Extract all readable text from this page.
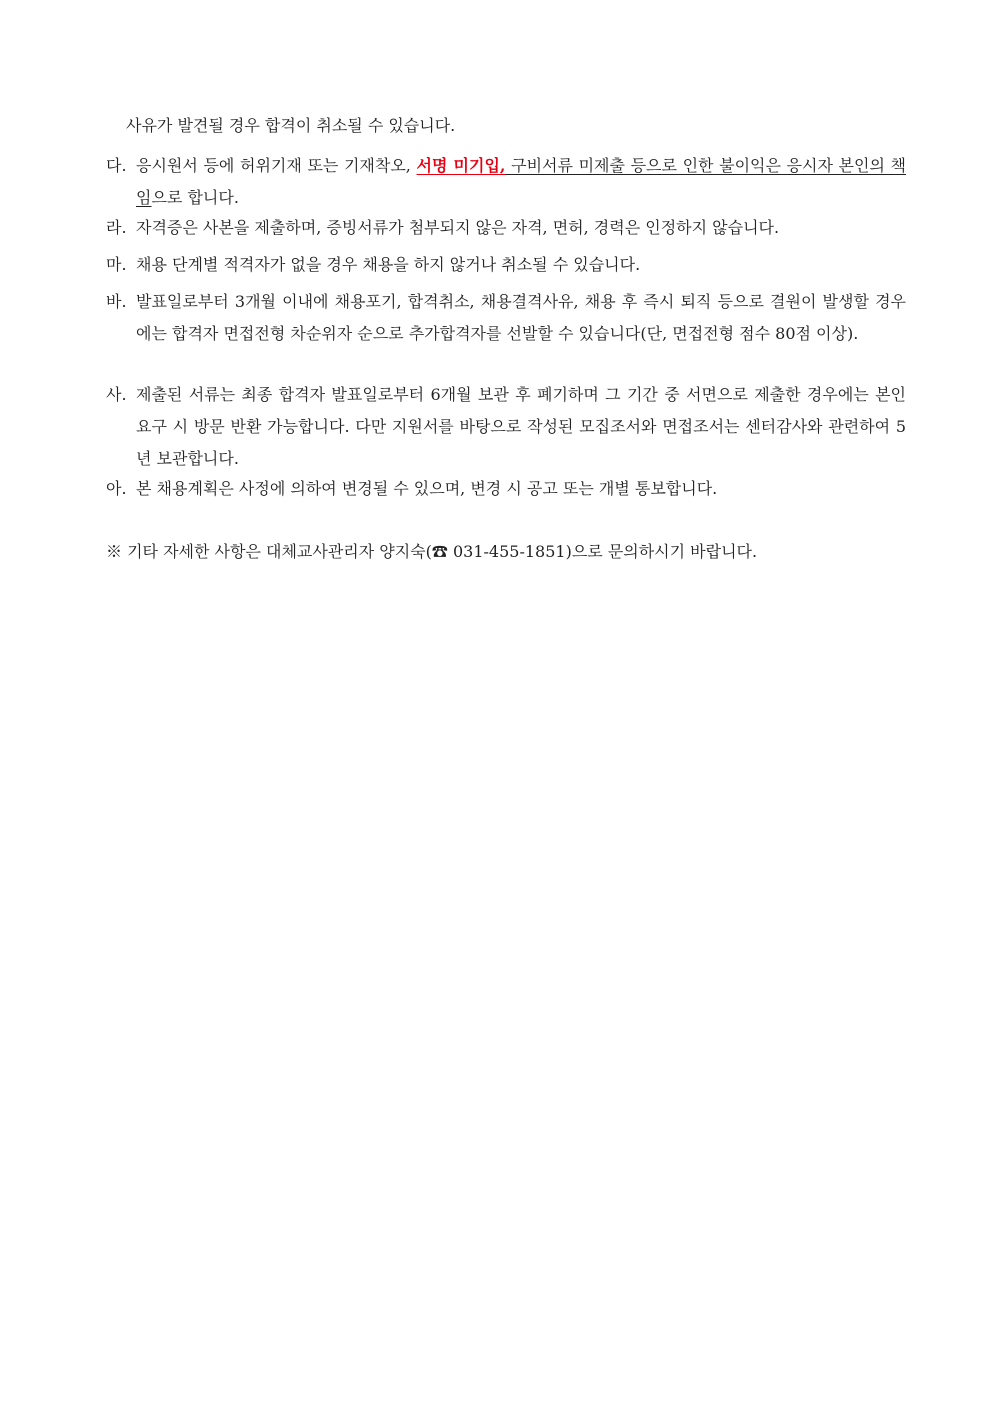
사유가 발견될 경우 합격이 취소될 수 있습니다.
다. 응시원서 등에 허위기재 또는 기재착오, 서명 미기입, 구비서류 미제출 등으로 인한 불이익은 응시자 본인의 책임으로 합니다.
라. 자격증은 사본을 제출하며, 증빙서류가 첨부되지 않은 자격, 면허, 경력은 인정하지 않습니다.
마. 채용 단계별 적격자가 없을 경우 채용을 하지 않거나 취소될 수 있습니다.
바. 발표일로부터 3개월 이내에 채용포기, 합격취소, 채용결격사유, 채용 후 즉시 퇴직 등으로 결원이 발생할 경우에는 합격자 면접전형 차순위자 순으로 추가합격자를 선발할 수 있습니다(단, 면접전형 점수 80점 이상).
사. 제출된 서류는 최종 합격자 발표일로부터 6개월 보관 후 폐기하며 그 기간 중 서면으로 제출한 경우에는 본인 요구 시 방문 반환 가능합니다. 다만 지원서를 바탕으로 작성된 모집조서와 면접조서는 센터감사와 관련하여 5년 보관합니다.
아. 본 채용계획은 사정에 의하여 변경될 수 있으며, 변경 시 공고 또는 개별 통보합니다.
※ 기타 자세한 사항은 대체교사관리자 양지숙(☎ 031-455-1851)으로 문의하시기 바랍니다.
